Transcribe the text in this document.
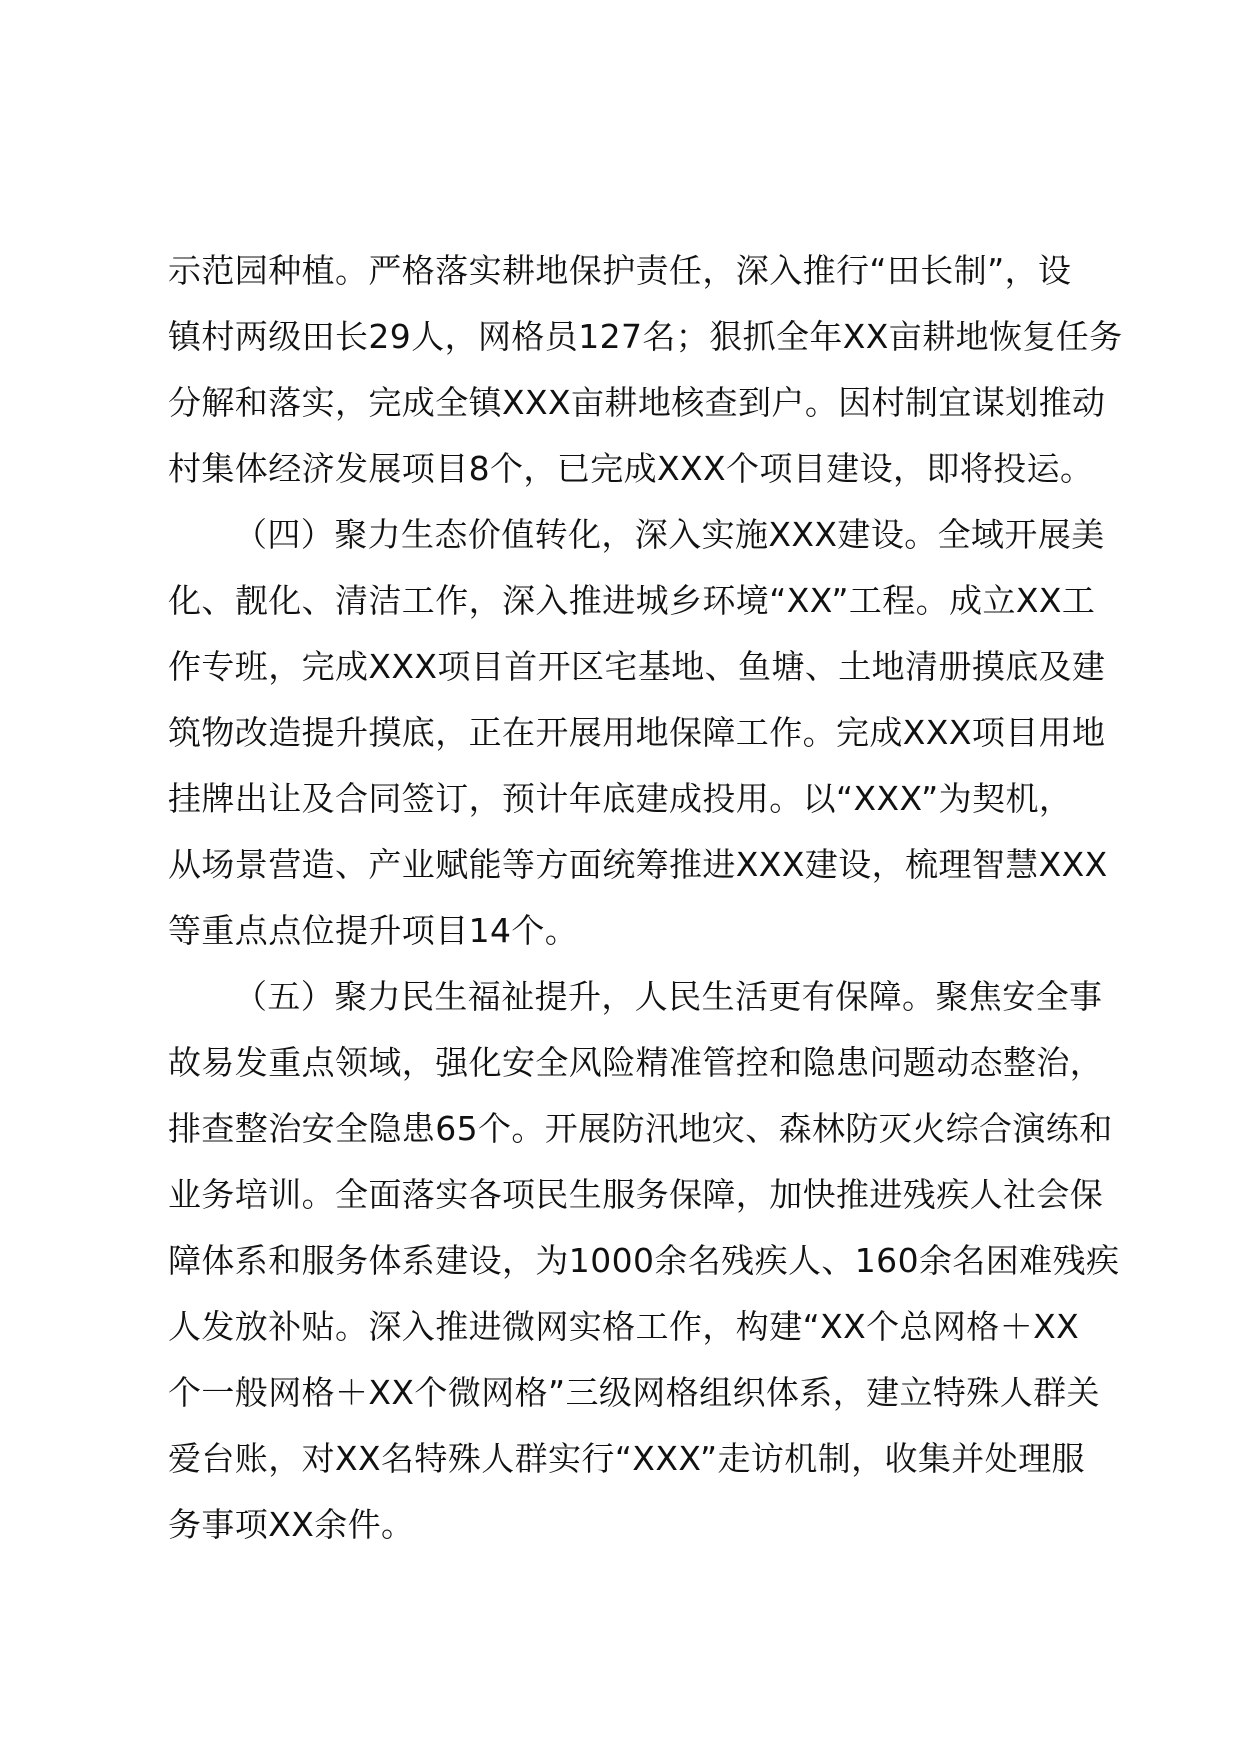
示范园种植。严格落实耕地保护责任，深入推行“田长制”，设
镇村两级田长29人，网格员127名；狠抓全年XX亩耕地恢复任务
分解和落实，完成全镇XXX亩耕地核查到户。因村制宜谋划推动
村集体经济发展项目8个，已完成XXX个项目建设，即将投运。
（四）聚力生态价值转化，深入实施XXX建设。全域开展美
化、靓化、清洁工作，深入推进城乡环境“XX”工程。成立XX工
作专班，完成XXX项目首开区宅基地、鱼塘、土地清册摸底及建
筑物改造提升摸底，正在开展用地保障工作。完成XXX项目用地
挂牌出让及合同签订，预计年底建成投用。以“XXX”为契机，
从场景营造、产业赋能等方面统筹推进XXX建设，梳理智慧XXX
等重点点位提升项目14个。
（五）聚力民生福祉提升，人民生活更有保障。聚焦安全事
故易发重点领域，强化安全风险精准管控和隐患问题动态整治，
排查整治安全隐患65个。开展防汛地灾、森林防灭火综合演练和
业务培训。全面落实各项民生服务保障，加快推进残疾人社会保
障体系和服务体系建设，为1000余名残疾人、160余名困难残疾
人发放补贴。深入推进微网实格工作，构建“XX个总网格＋XX
个一般网格＋XX个微网格”三级网格组织体系，建立特殊人群关
爱台账，对XX名特殊人群实行“XXX”走访机制，收集并处理服
务事项XX余件。
